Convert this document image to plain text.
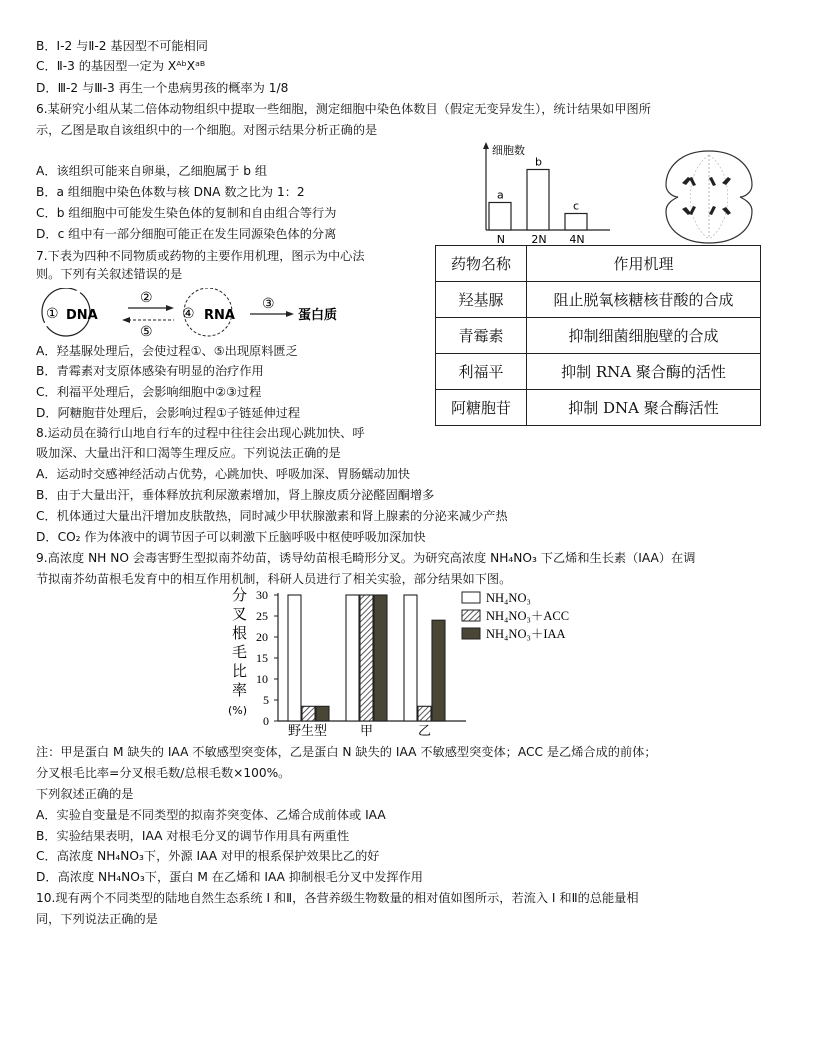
B．Ⅰ-2 与Ⅱ-2 基因型不可能相同
C．Ⅱ-3 的基因型一定为 XᴬᵇXᵃᴮ
D．Ⅲ-2 与Ⅲ-3 再生一个患病男孩的概率为 1/8
6.某研究小组从某二倍体动物组织中提取一些细胞，测定细胞中染色体数目（假定无变异发生），统计结果如甲图所
示，乙图是取自该组织中的一个细胞。对图示结果分析正确的是
A．该组织可能来自卵巢，乙细胞属于 b 组
B．a 组细胞中染色体数与核 DNA 数之比为 1：2
C．b 组细胞中可能发生染色体的复制和自由组合等行为
D．c 组中有一部分细胞可能正在发生同源染色体的分离
细胞数
a
N
b
2N
c
4N
7.下表为四种不同物质或药物的主要作用机理，图示为中心法
则。下列有关叙述错误的是
① DNA
②
⑤
④ RNA
③
蛋白质
A．羟基脲处理后，会使过程①、⑤出现原料匮乏
B．青霉素对支原体感染有明显的治疗作用
C．利福平处理后，会影响细胞中②③过程
D．阿糖胞苷处理后，会影响过程①子链延伸过程
药物名称	作用机理
羟基脲	阻止脱氧核糖核苷酸的合成
青霉素	抑制细菌细胞壁的合成
利福平	抑制 RNA 聚合酶的活性
阿糖胞苷	抑制 DNA 聚合酶活性
8.运动员在骑行山地自行车的过程中往往会出现心跳加快、呼
吸加深、大量出汗和口渴等生理反应。下列说法正确的是
A．运动时交感神经活动占优势，心跳加快、呼吸加深、胃肠蠕动加快
B．由于大量出汗，垂体释放抗利尿激素增加，肾上腺皮质分泌醛固酮增多
C．机体通过大量出汗增加皮肤散热，同时减少甲状腺激素和肾上腺素的分泌来减少产热
D．CO₂ 作为体液中的调节因子可以刺激下丘脑呼吸中枢使呼吸加深加快
9.高浓度 NH NO 会毒害野生型拟南芥幼苗，诱导幼苗根毛畸形分叉。为研究高浓度 NH₄NO₃ 下乙烯和生长素（IAA）在调
节拟南芥幼苗根毛发育中的相互作用机制，科研人员进行了相关实验，部分结果如下图。
分
叉
根
毛
比
率
(%)
0
5
10
15
20
25
30
野生型	甲	乙
NH₄NO₃
NH₄NO₃＋ACC
NH₄NO₃＋IAA
注：甲是蛋白 M 缺失的 IAA 不敏感型突变体，乙是蛋白 N 缺失的 IAA 不敏感型突变体；ACC 是乙烯合成的前体；
分叉根毛比率=分叉根毛数/总根毛数×100%。
下列叙述正确的是
A．实验自变量是不同类型的拟南芥突变体、乙烯合成前体或 IAA
B．实验结果表明，IAA 对根毛分叉的调节作用具有两重性
C．高浓度 NH₄NO₃下，外源 IAA 对甲的根系保护效果比乙的好
D．高浓度 NH₄NO₃下，蛋白 M 在乙烯和 IAA 抑制根毛分叉中发挥作用
10.现有两个不同类型的陆地自然生态系统 Ⅰ 和Ⅱ，各营养级生物数量的相对值如图所示，若流入 Ⅰ 和Ⅱ的总能量相
同，下列说法正确的是
